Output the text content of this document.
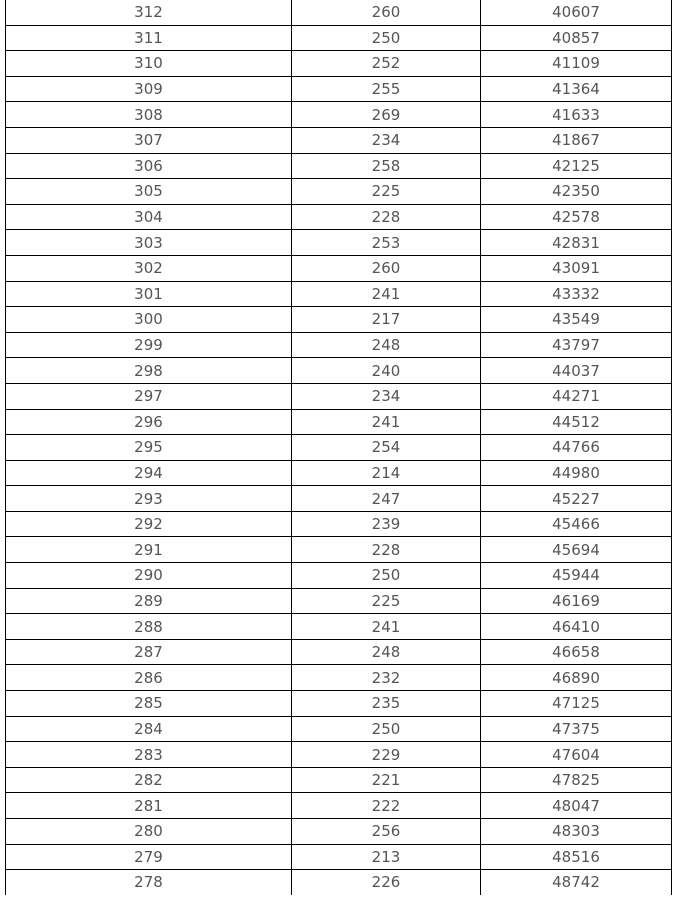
312	260	40607
311	250	40857
310	252	41109
309	255	41364
308	269	41633
307	234	41867
306	258	42125
305	225	42350
304	228	42578
303	253	42831
302	260	43091
301	241	43332
300	217	43549
299	248	43797
298	240	44037
297	234	44271
296	241	44512
295	254	44766
294	214	44980
293	247	45227
292	239	45466
291	228	45694
290	250	45944
289	225	46169
288	241	46410
287	248	46658
286	232	46890
285	235	47125
284	250	47375
283	229	47604
282	221	47825
281	222	48047
280	256	48303
279	213	48516
278	226	48742
